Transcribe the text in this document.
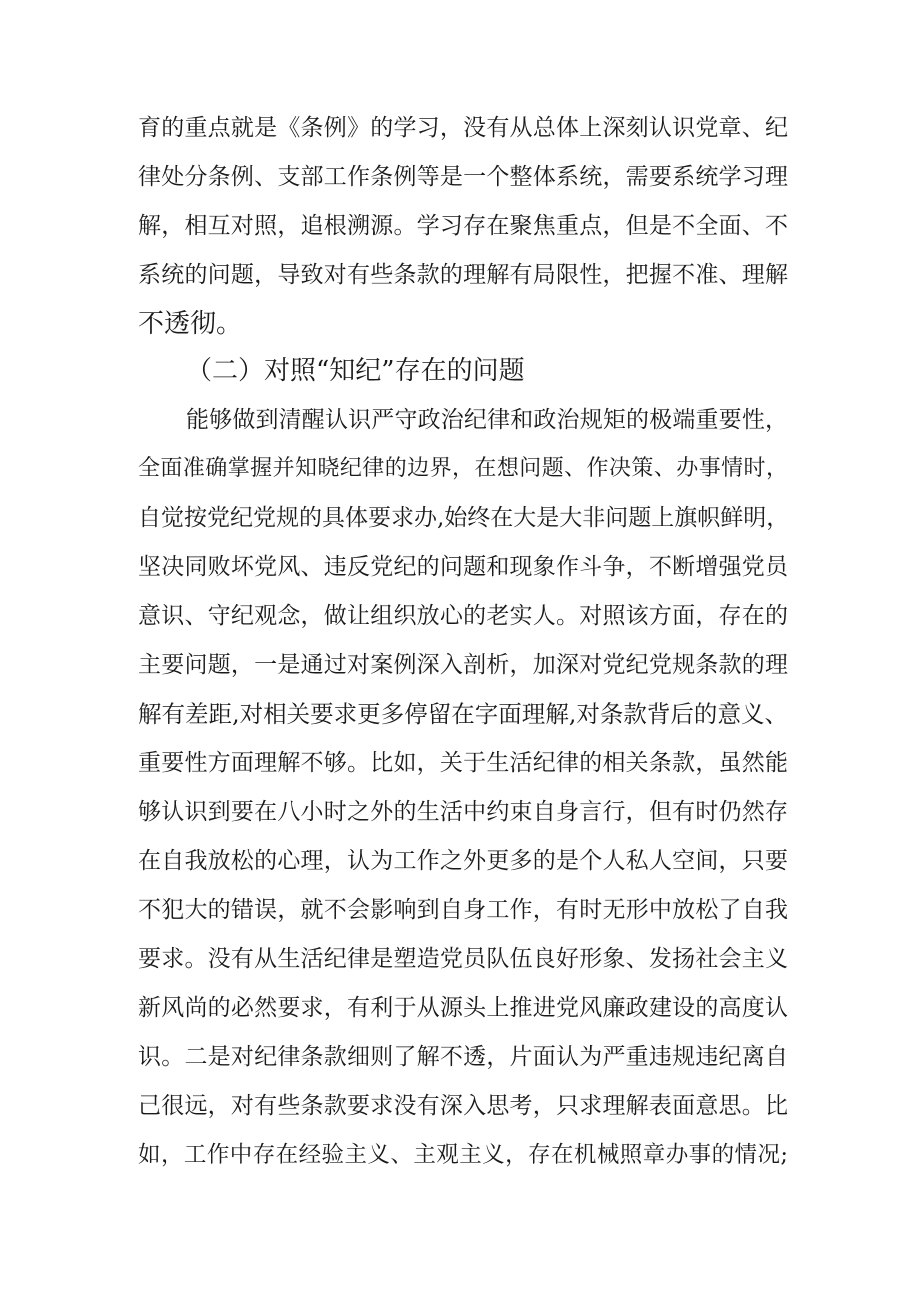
育的重点就是《条例》的学习，没有从总体上深刻认识党章、纪
律处分条例、支部工作条例等是一个整体系统，需要系统学习理
解，相互对照，追根溯源。学习存在聚焦重点，但是不全面、不
系统的问题，导致对有些条款的理解有局限性，把握不准、理解
不透彻。
（二）对照“知纪”存在的问题
能够做到清醒认识严守政治纪律和政治规矩的极端重要性，
全面准确掌握并知晓纪律的边界，在想问题、作决策、办事情时，
自觉按党纪党规的具体要求办,始终在大是大非问题上旗帜鲜明，
坚决同败坏党风、违反党纪的问题和现象作斗争，不断增强党员
意识、守纪观念，做让组织放心的老实人。对照该方面，存在的
主要问题，一是通过对案例深入剖析，加深对党纪党规条款的理
解有差距,对相关要求更多停留在字面理解,对条款背后的意义、
重要性方面理解不够。比如，关于生活纪律的相关条款，虽然能
够认识到要在八小时之外的生活中约束自身言行，但有时仍然存
在自我放松的心理，认为工作之外更多的是个人私人空间，只要
不犯大的错误，就不会影响到自身工作，有时无形中放松了自我
要求。没有从生活纪律是塑造党员队伍良好形象、发扬社会主义
新风尚的必然要求，有利于从源头上推进党风廉政建设的高度认
识。二是对纪律条款细则了解不透，片面认为严重违规违纪离自
己很远，对有些条款要求没有深入思考，只求理解表面意思。比
如，工作中存在经验主义、主观主义，存在机械照章办事的情况;
